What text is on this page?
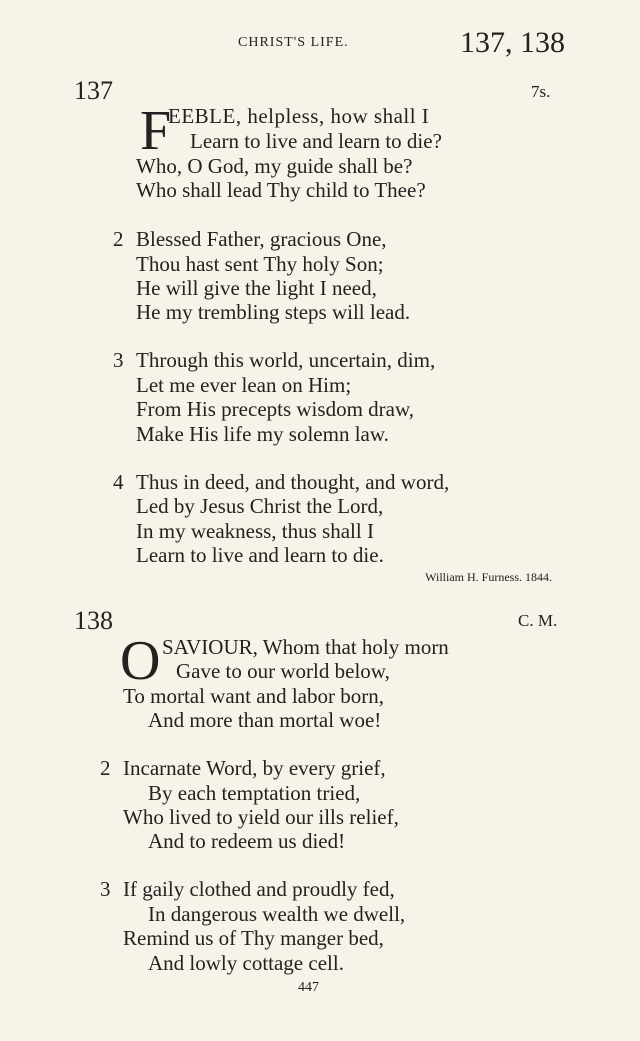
CHRIST'S LIFE.	137, 138
137	7s.
F
EEBLE, helpless, how shall I
Learn to live and learn to die?
Who, O God, my guide shall be?
Who shall lead Thy child to Thee?
2 Blessed Father, gracious One,
Thou hast sent Thy holy Son;
He will give the light I need,
He my trembling steps will lead.
3 Through this world, uncertain, dim,
Let me ever lean on Him;
From His precepts wisdom draw,
Make His life my solemn law.
4 Thus in deed, and thought, and word,
Led by Jesus Christ the Lord,
In my weakness, thus shall I
Learn to live and learn to die.
William H. Furness. 1844.
138	C. M.
O SAVIOUR, Whom that holy morn
Gave to our world below,
To mortal want and labor born,
And more than mortal woe!
2 Incarnate Word, by every grief,
By each temptation tried,
Who lived to yield our ills relief,
And to redeem us died!
3 If gaily clothed and proudly fed,
In dangerous wealth we dwell,
Remind us of Thy manger bed,
And lowly cottage cell.
447
